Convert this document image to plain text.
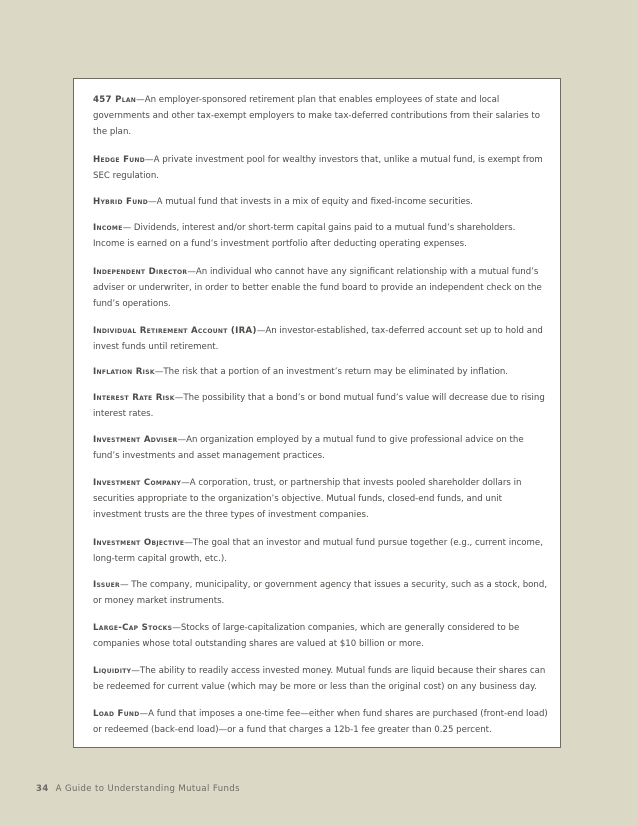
457 Plan—An employer-sponsored retirement plan that enables employees of state and local governments and other tax-exempt employers to make tax-deferred contributions from their salaries to the plan.

Hedge Fund—A private investment pool for wealthy investors that, unlike a mutual fund, is exempt from SEC regulation.

Hybrid Fund—A mutual fund that invests in a mix of equity and fixed-income securities.

Income— Dividends, interest and/or short-term capital gains paid to a mutual fund’s shareholders. Income is earned on a fund’s investment portfolio after deducting operating expenses.

Independent Director—An individual who cannot have any significant relationship with a mutual fund’s adviser or underwriter, in order to better enable the fund board to provide an independent check on the fund’s operations.

Individual Retirement Account (IRA)—An investor-established, tax-deferred account set up to hold and invest funds until retirement.

Inflation Risk—The risk that a portion of an investment’s return may be eliminated by inflation.

Interest Rate Risk—The possibility that a bond’s or bond mutual fund’s value will decrease due to rising interest rates.

Investment Adviser—An organization employed by a mutual fund to give professional advice on the fund’s investments and asset management practices.

Investment Company—A corporation, trust, or partnership that invests pooled shareholder dollars in securities appropriate to the organization’s objective. Mutual funds, closed-end funds, and unit investment trusts are the three types of investment companies.

Investment Objective—The goal that an investor and mutual fund pursue together (e.g., current income, long-term capital growth, etc.).

Issuer— The company, municipality, or government agency that issues a security, such as a stock, bond, or money market instruments.

Large-Cap Stocks—Stocks of large-capitalization companies, which are generally considered to be companies whose total outstanding shares are valued at $10 billion or more.

Liquidity—The ability to readily access invested money. Mutual funds are liquid because their shares can be redeemed for current value (which may be more or less than the original cost) on any business day.

Load Fund—A fund that imposes a one-time fee—either when fund shares are purchased (front-end load) or redeemed (back-end load)—or a fund that charges a 12b-1 fee greater than 0.25 percent.

34 A Guide to Understanding Mutual Funds
